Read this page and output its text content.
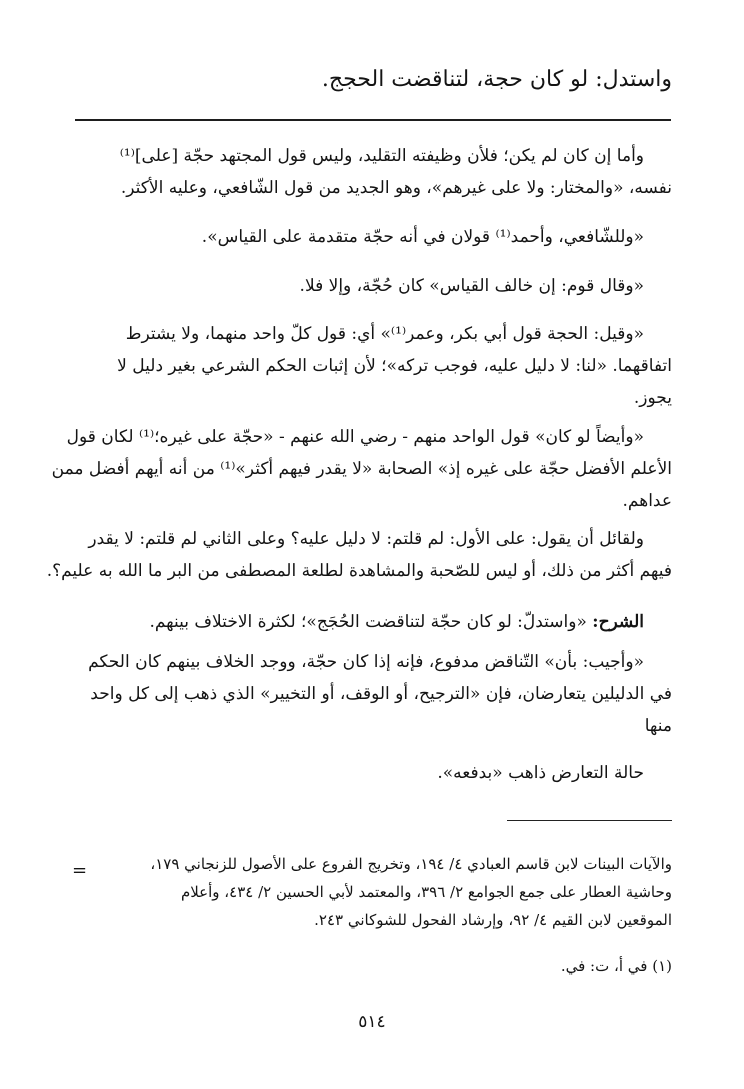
واستدل: لو كان حجة، لتناقضت الحجج.
وأما إن كان لم يكن؛ فلأن وظيفته التقليد، وليس قول المجتهد حجّة [على]⁽¹⁾
نفسه، «والمختار: ولا على غيرهم»، وهو الجديد من قول الشّافعي، وعليه الأكثر.
«وللشّافعي، وأحمد⁽¹⁾ قولان في أنه حجّة متقدمة على القياس».
«وقال قوم: إن خالف القياس» كان حُجّة، وإلا فلا.
«وقيل: الحجة قول أبي بكر، وعمر⁽¹⁾» أي: قول كلّ واحد منهما، ولا يشترط
اتفاقهما. «لنا: لا دليل عليه، فوجب تركه»؛ لأن إثبات الحكم الشرعي بغير دليل لا
يجوز.
«وأيضاً لو كان» قول الواحد منهم - رضي الله عنهم - «حجّة على غيره؛⁽¹⁾ لكان قول
الأعلم الأفضل حجّة على غيره إذ» الصحابة «لا يقدر فيهم أكثر»⁽¹⁾ من أنه أيهم أفضل ممن
عداهم.
ولقائل أن يقول: على الأول: لم قلتم: لا دليل عليه؟ وعلى الثاني لم قلتم: لا يقدر
فيهم أكثر من ذلك، أو ليس للصّحبة والمشاهدة لطلعة المصطفى من البر ما الله به عليم؟.
الشرح: «واستدلّ: لو كان حجّة لتناقضت الحُجَج»؛ لكثرة الاختلاف بينهم.
«وأجيب: بأن» التّناقض مدفوع، فإنه إذا كان حجّة، ووجد الخلاف بينهم كان الحكم
في الدليلين يتعارضان، فإن «الترجيح، أو الوقف، أو التخيير» الذي ذهب إلى كل واحد
منها
حالة التعارض ذاهب «بدفعه».
=	والآيات البينات لابن قاسم العبادي ٤/ ١٩٤، وتخريج الفروع على الأصول للزنجاني ١٧٩،
وحاشية العطار على جمع الجوامع ٢/ ٣٩٦، والمعتمد لأبي الحسين ٢/ ٤٣٤، وأعلام
الموقعين لابن القيم ٤/ ٩٢، وإرشاد الفحول للشوكاني ٢٤٣.
(١) في أ، ت: في.
٥١٤
